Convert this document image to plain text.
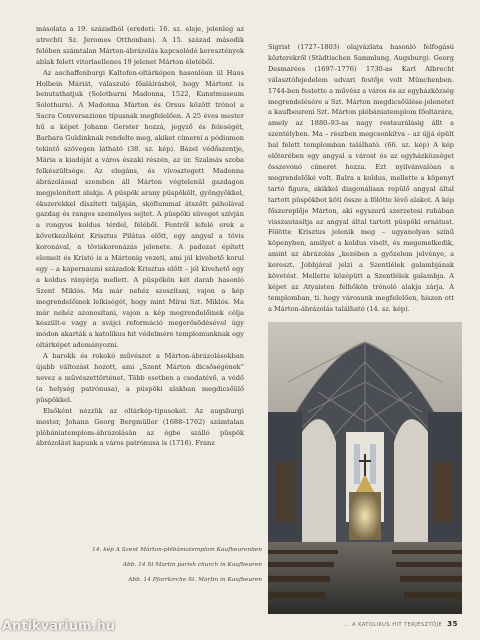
másolata a 19. századból (eredeti: 16. sz. eleje, jelenleg az utrechti Sz. Jeromos Otthonban). A 15. század második felében számtalan Márton-ábrázolás kapcsolódó keresztények ablak felett vitorlaellenes 19 jelenet Márton életéből.

Az aschaffenburgi Kaltofen-oltárképen hasonlóan ül Haus Holbein Máriát, válaszuló főaláírásból, hogy Mártont is benutathatjuk (Solothurni Madonna, 1522, Kunstmuseum Solothurn). A Madonna Márton és Orsus között trónol a Sacra Conversazione típusnak megfelelően. A 25 éves mester hű a képet Johann Gerster hozzá, jegyző és feleségét, Barbara Guldinknak rendelte meg, akiket címerei a pódiumon tekintő szövegen látható (38. sz. kép). Bázel védőszentje, Mária a kiadóját a város északi részén, az úr. Szalmás szoba felkészültsége. Az elegáns, és vívosztogott Madonna ábrázolással szemben áll Márton végtelenül gazdagon megjelenített alakja. A püspök arany püspökölt, gyöngyökkel, ékszerekkel díszített taljáján, skófiummal átszőtt páholával gazdag és rangos személyes sejtet. A püspöki süveget szívján a rongyos koldus térdel, féléből. Fentről lefelé erek a kővetkezőként Krisztus Pilátus előtt, egy angyal a tövis koronával, a töviskoronázás jelenete. A padozat épített elemeit és Kristó is a Mártonig vezeti, ami jól kivehető korul egy – a kapernaumi századok Krisztus előtt – jól kivehető egy a koldus rányérja mellett. A püspökön két darab hasonló Szent Miklós. Ma már nehéz szoszítani, vajon a kép megrendelőinek lelkiségét, hogy mint Mírai Szt. Miklós. Ma már nehéz azonosítani, vajon a kép megrendelőinek célja készült-e vagy a svájci reformáció megerősödésével úgy módon akarták a katolikus hit védelmére templomunknak egy oltárképet adományozni.

A barokk és rokokó művészet a Márton-ábrázolásokban újabb változást hozott, ami „Szent Márton dicsőségének” nevez a művészettörténet. Több esetben a csodatévő, a védő (a helység patrónusa), a püspöki alakban megdicsőülő püspökkel.

Elsőként nézzük az oltárkép-típusokat. Az augsburgi mester, Johann Georg Bergmüller (1688–1762) számtalan plébániatemplom-ábrázolásán az égbe szálló püspök ábrázolást kapunk a város patrónusa is (1716). Franz

Sigrist (1727–1803) olajvázlata hasonló felfogású közterekről (Städtischen Sammlung, Augsburg). Georg Desmarées (1697–1776) 1730-as Karl Albrecht választófejedelem udvari festője volt Münchenben. 1744-ben festette a művész a város és az egyházközség megrendelésére a Szt. Márton megdicsőülése-jelenetet a kaufbeureni Szt. Márton plébániatemplom főoltárára, amely az 1880–93-as nagy restaurálásig állt a szentélyben. Ma – részben megcsonkítva – az újjá épült bal felett templomban található. (66. sz. kép) A kép előterében egy angyal a várost és az egyházközséget összevonó címeret hozza. Ezt nyilvánvalóan a megrendelőké volt. Balra a koldus, mellette a köpenyt tartó figura, akikkel diagonálisan repülő angyal által tartott püspökbot köti össze a fölötte lévő alakot. A kép főszereplője Márton, aki egyszerű szerzetesi ruhában visszautasítja az angyal által tartott püspöki ornátust. Fölötte Krisztus jelenik meg – ugyanolyan színű köpenyben, amilyet a koldus viselt, és megemelkedik, amint az ábrázolás „kezében a győzelem jelvénye, a kereszt. Jobbjával jelzi a Szentlélek galambjának követést. Mellette középütt a Szentlélek galambja. A képet az Atyaisten felhőkön trónoló alakja zárja. A templomban, ti. hogy városunk megfelelően, hiszen ott a Márton-ábrázolás található (14. sz. kép).

14. kép A Szent Márton-plébániatemplom Kaufbeurenben
Abb. 14 St Martin parish church in Kaufbeuren
Abb. 14 Pfarrkirche St. Martin in Kaufbeuren
... A KATOLIKUS HIT TERJESZTŐJE 35
Antikvarium.hu
